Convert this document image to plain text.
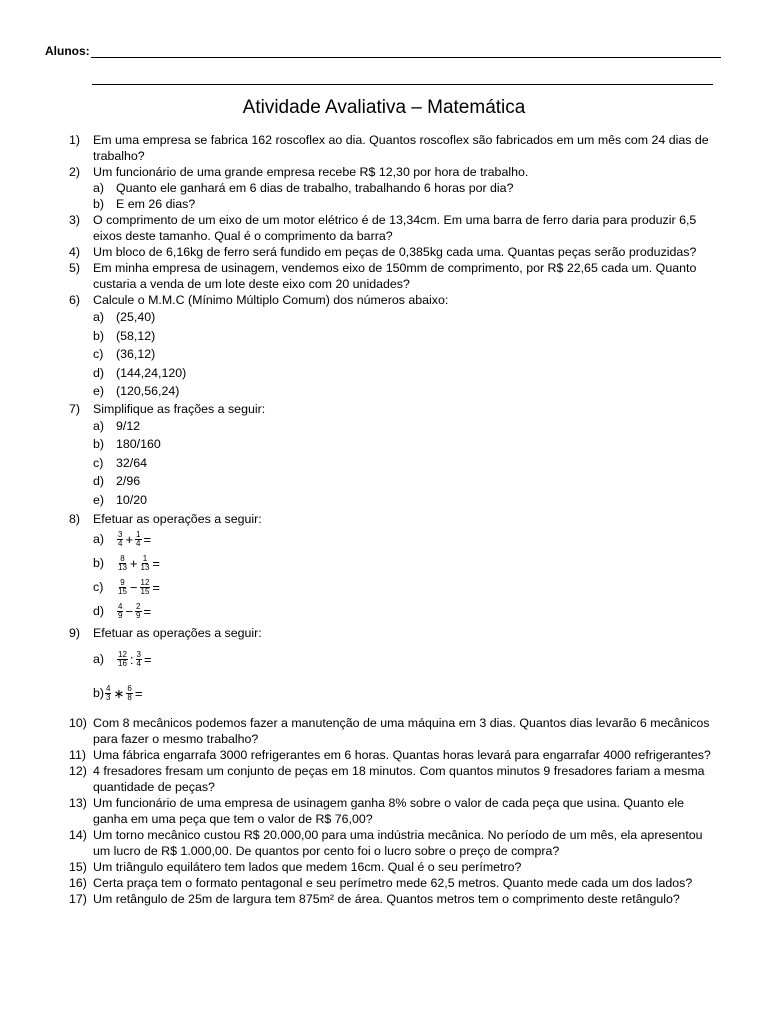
Alunos:
Atividade Avaliativa – Matemática
1) Em uma empresa se fabrica 162 roscoflex ao dia. Quantos roscoflex são fabricados em um mês com 24 dias de trabalho?
2) Um funcionário de uma grande empresa recebe R$ 12,30 por hora de trabalho.
a) Quanto ele ganhará em 6 dias de trabalho, trabalhando 6 horas por dia?
b) E em 26 dias?
3) O comprimento de um eixo de um motor elétrico é de 13,34cm. Em uma barra de ferro daria para produzir 6,5 eixos deste tamanho. Qual é o comprimento da barra?
4) Um bloco de 6,16kg de ferro será fundido em peças de 0,385kg cada uma. Quantas peças serão produzidas?
5) Em minha empresa de usinagem, vendemos eixo de 150mm de comprimento, por R$ 22,65 cada um. Quanto custaria a venda de um lote deste eixo com 20 unidades?
6) Calcule o M.M.C (Mínimo Múltiplo Comum) dos números abaixo:
a) (25,40)
b) (58,12)
c) (36,12)
d) (144,24,120)
e) (120,56,24)
7) Simplifique as frações a seguir:
a) 9/12
b) 180/160
c) 32/64
d) 2/96
e) 10/20
8) Efetuar as operações a seguir:
$a) \frac{3}{4} + \frac{1}{4}$ =
$b) \frac{8}{13} + \frac{1}{13}$ =
$c) \frac{9}{15} - \frac{12}{15}$ =
$d) \frac{4}{9} - \frac{2}{9}$ =
9) Efetuar as operações a seguir:
$a) \frac{12}{16}$ : $\frac{3}{4}$ =
$b) \frac{4}{3}$ ∗ $\frac{6}{8}$ =
10) Com 8 mecânicos podemos fazer a manutenção de uma máquina em 3 dias. Quantos dias levarão 6 mecânicos para fazer o mesmo trabalho?
11) Uma fábrica engarrafa 3000 refrigerantes em 6 horas. Quantas horas levará para engarrafar 4000 refrigerantes?
12) 4 fresadores fresam um conjunto de peças em 18 minutos. Com quantos minutos 9 fresadores fariam a mesma quantidade de peças?
13) Um funcionário de uma empresa de usinagem ganha 8% sobre o valor de cada peça que usina. Quanto ele ganha em uma peça que tem o valor de R$ 76,00?
14) Um torno mecânico custou R$ 20.000,00 para uma indústria mecânica. No período de um mês, ela apresentou um lucro de R$ 1.000,00. De quantos por cento foi o lucro sobre o preço de compra?
15) Um triângulo equilátero tem lados que medem 16cm. Qual é o seu perímetro?
16) Certa praça tem o formato pentagonal e seu perímetro mede 62,5 metros. Quanto mede cada um dos lados?
17) Um retângulo de 25m de largura tem 875m² de área. Quantos metros tem o comprimento deste retângulo?
